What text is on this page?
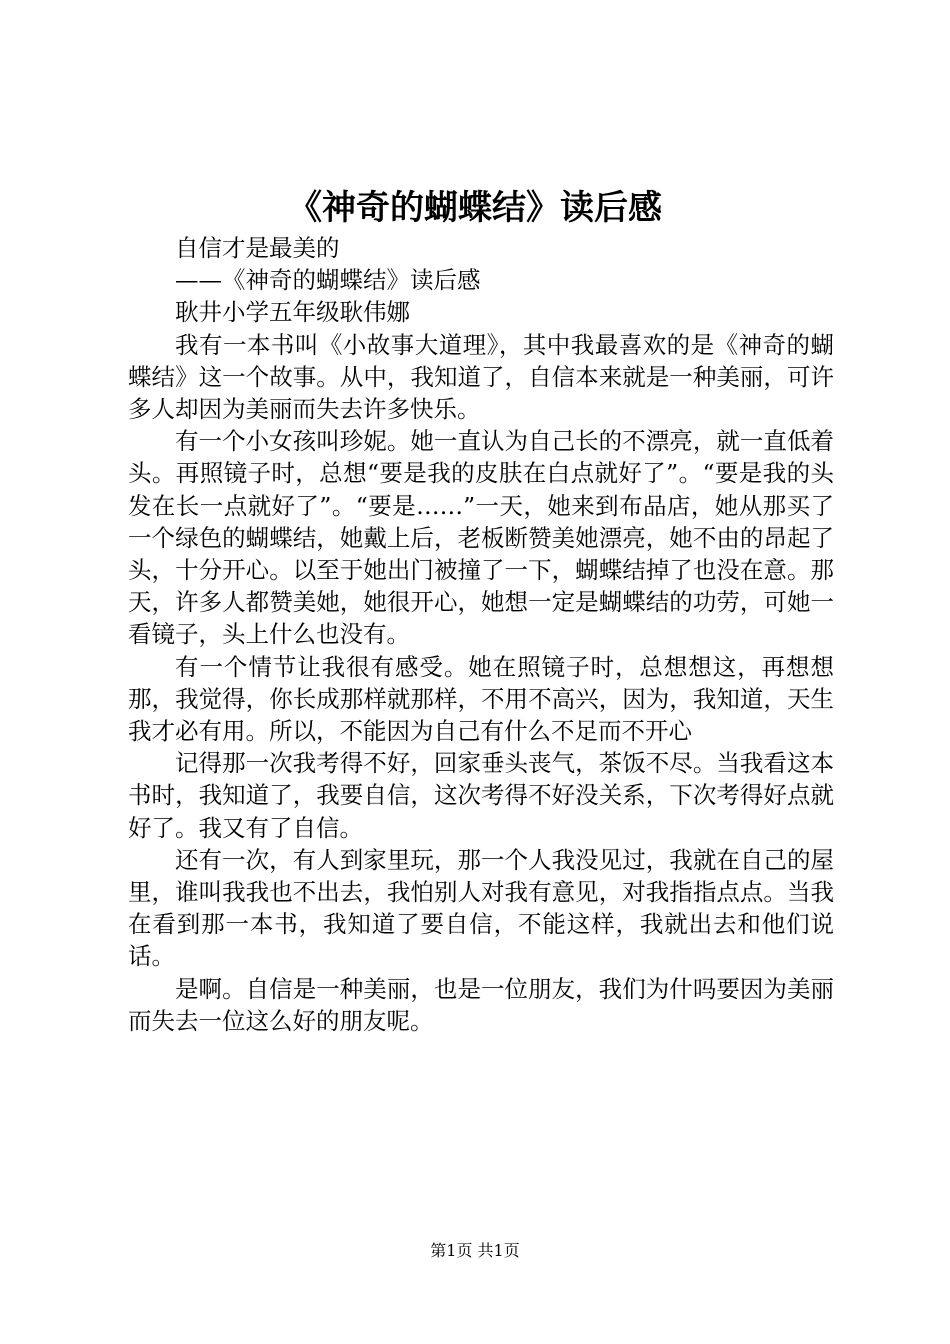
《神奇的蝴蝶结》读后感

自信才是最美的

——《神奇的蝴蝶结》读后感

耿井小学五年级耿伟娜

我有一本书叫《小故事大道理》，其中我最喜欢的是《神奇的蝴蝶结》这一个故事。从中，我知道了，自信本来就是一种美丽，可许多人却因为美丽而失去许多快乐。

有一个小女孩叫珍妮。她一直认为自己长的不漂亮，就一直低着头。再照镜子时，总想“要是我的皮肤在白点就好了”。“要是我的头发在长一点就好了”。“要是……”一天，她来到布品店，她从那买了一个绿色的蝴蝶结，她戴上后，老板断赞美她漂亮，她不由的昂起了头，十分开心。以至于她出门被撞了一下，蝴蝶结掉了也没在意。那天，许多人都赞美她，她很开心，她想一定是蝴蝶结的功劳，可她一看镜子，头上什么也没有。

有一个情节让我很有感受。她在照镜子时，总想想这，再想想那，我觉得，你长成那样就那样，不用不高兴，因为，我知道，天生我才必有用。所以，不能因为自己有什么不足而不开心

记得那一次我考得不好，回家垂头丧气，茶饭不尽。当我看这本书时，我知道了，我要自信，这次考得不好没关系，下次考得好点就好了。我又有了自信。

还有一次，有人到家里玩，那一个人我没见过，我就在自己的屋里，谁叫我我也不出去，我怕别人对我有意见，对我指指点点。当我在看到那一本书，我知道了要自信，不能这样，我就出去和他们说话。

是啊。自信是一种美丽，也是一位朋友，我们为什吗要因为美丽而失去一位这么好的朋友呢。

第1页 共1页
